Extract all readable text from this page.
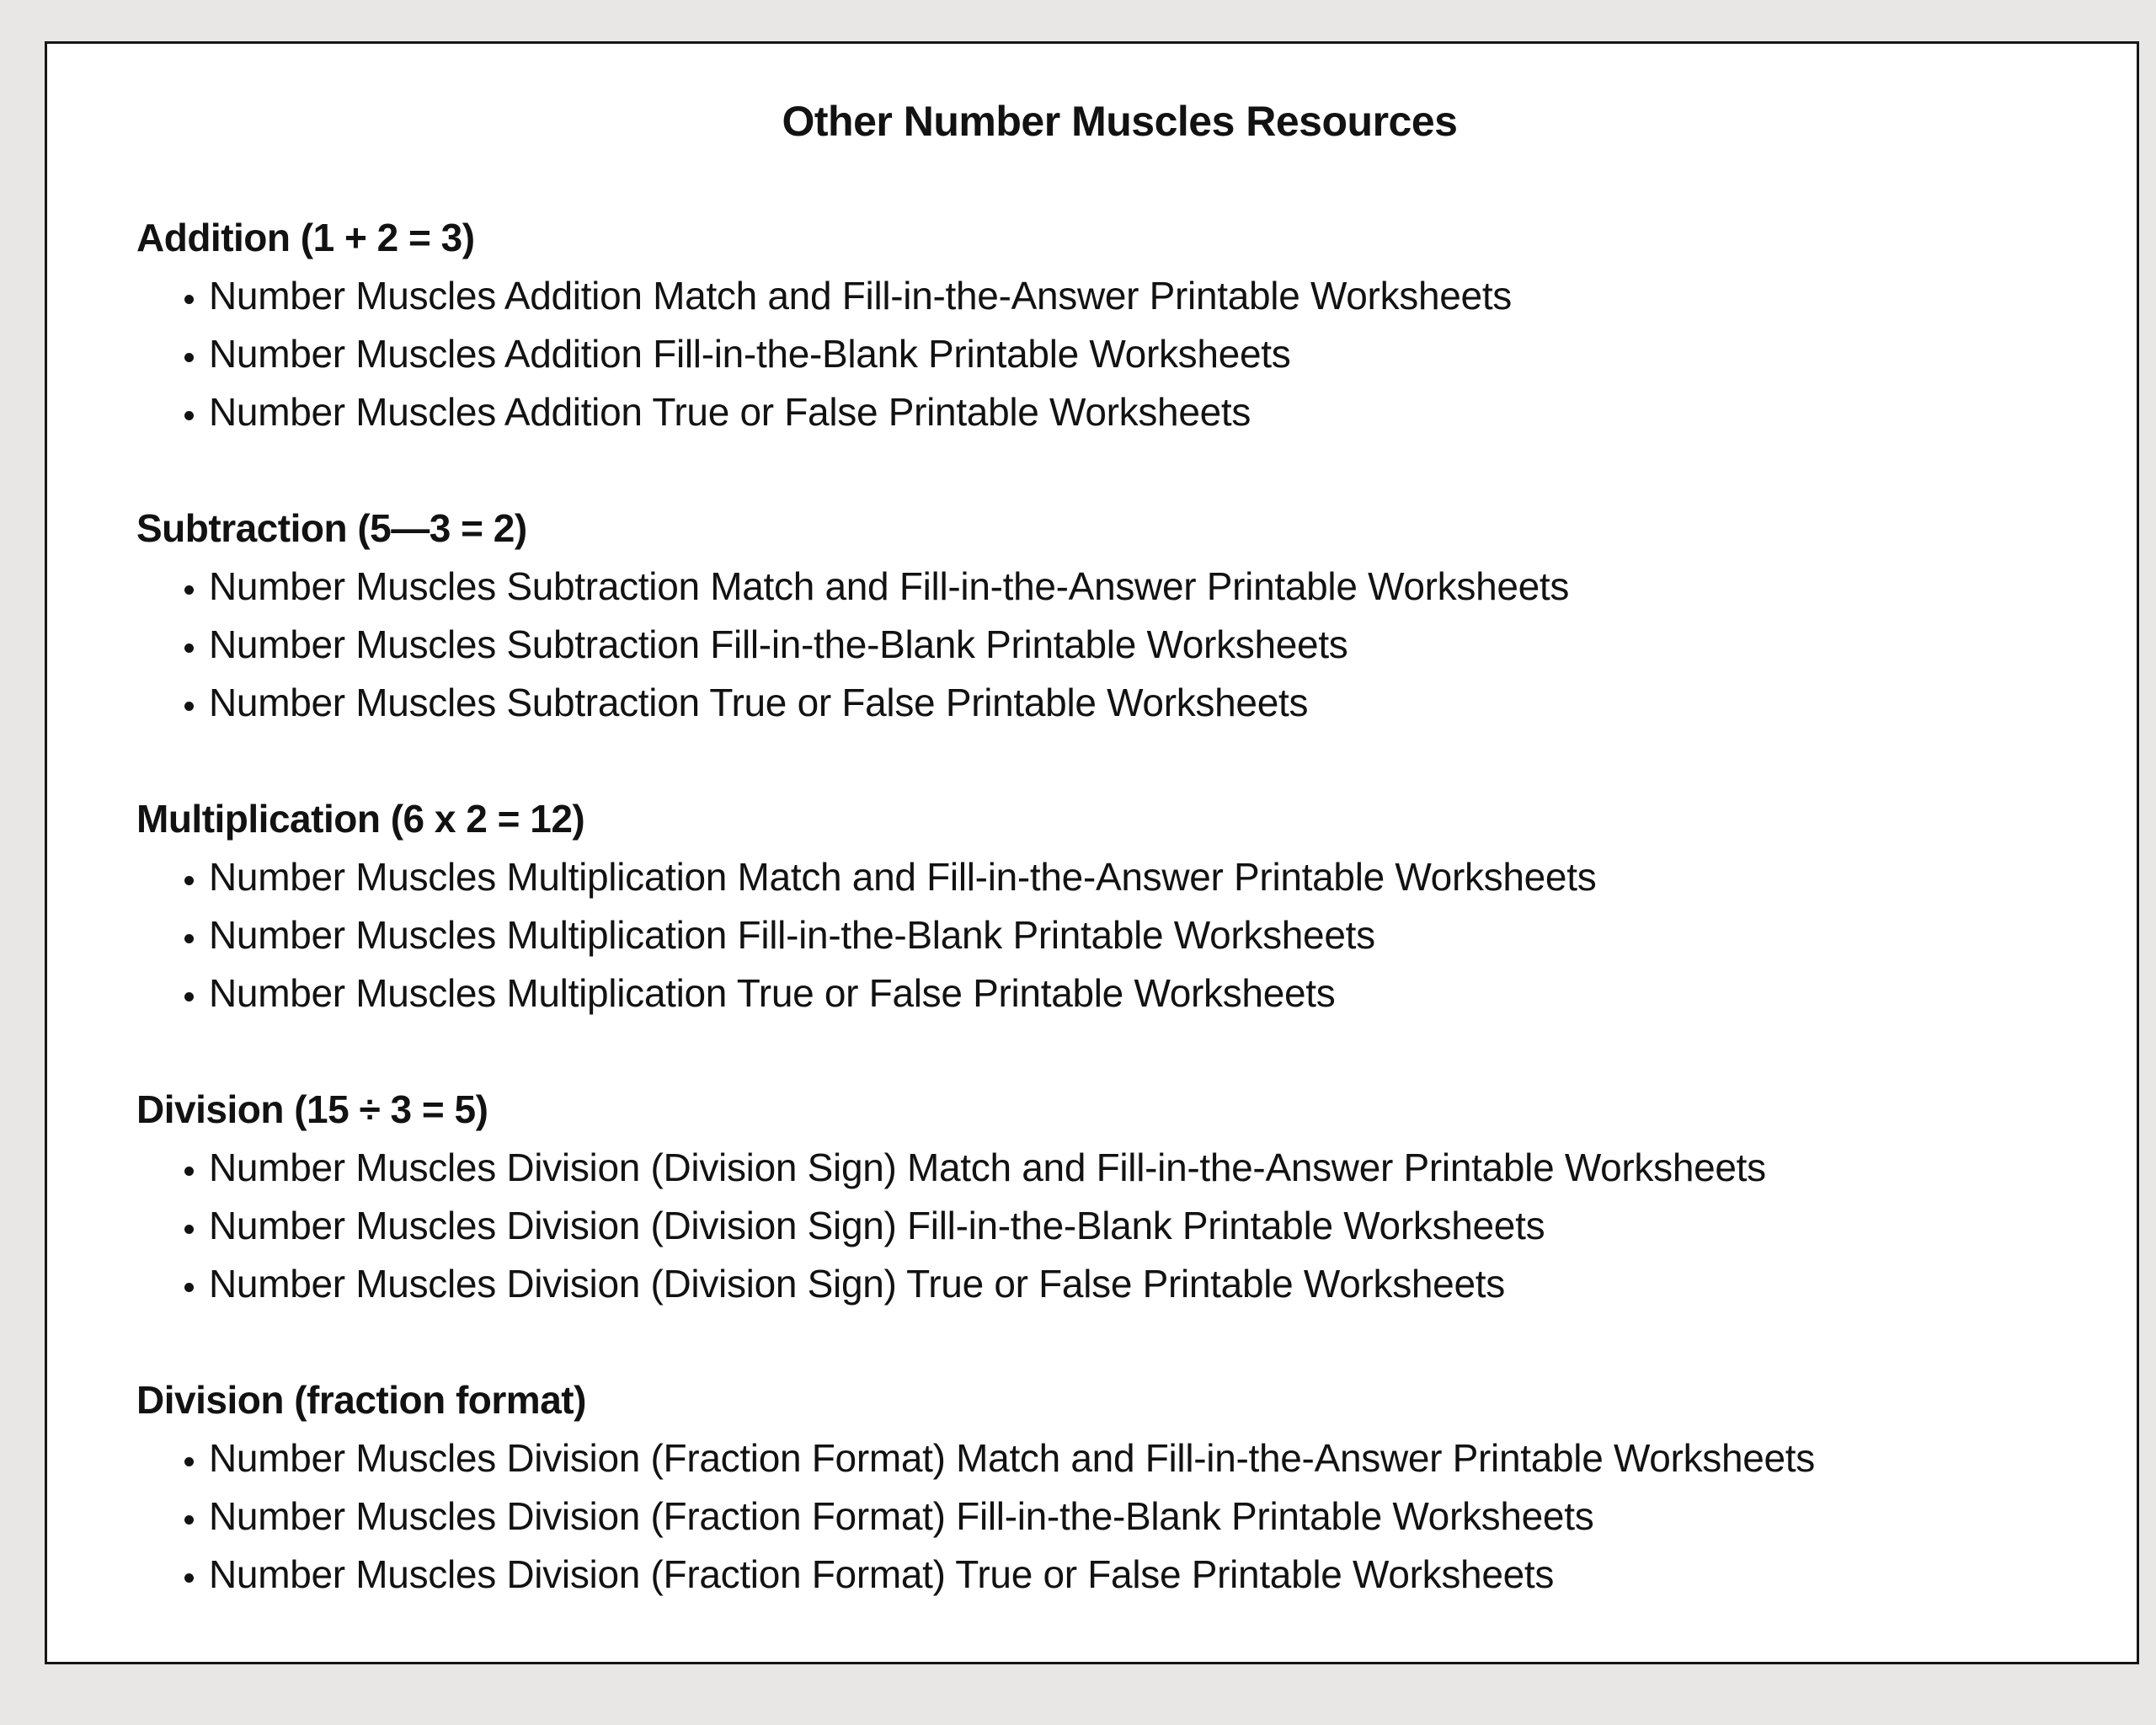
Other Number Muscles Resources
Addition (1 + 2 = 3)
• Number Muscles Addition Match and Fill-in-the-Answer Printable Worksheets
• Number Muscles Addition Fill-in-the-Blank Printable Worksheets
• Number Muscles Addition True or False Printable Worksheets
Subtraction (5—3 = 2)
• Number Muscles Subtraction Match and Fill-in-the-Answer Printable Worksheets
• Number Muscles Subtraction Fill-in-the-Blank Printable Worksheets
• Number Muscles Subtraction True or False Printable Worksheets
Multiplication (6 x 2 = 12)
• Number Muscles Multiplication Match and Fill-in-the-Answer Printable Worksheets
• Number Muscles Multiplication Fill-in-the-Blank Printable Worksheets
• Number Muscles Multiplication True or False Printable Worksheets
Division (15 ÷ 3 = 5)
• Number Muscles Division (Division Sign) Match and Fill-in-the-Answer Printable Worksheets
• Number Muscles Division (Division Sign) Fill-in-the-Blank Printable Worksheets
• Number Muscles Division (Division Sign) True or False Printable Worksheets
Division (fraction format)
• Number Muscles Division (Fraction Format) Match and Fill-in-the-Answer Printable Worksheets
• Number Muscles Division (Fraction Format) Fill-in-the-Blank Printable Worksheets
• Number Muscles Division (Fraction Format) True or False Printable Worksheets
